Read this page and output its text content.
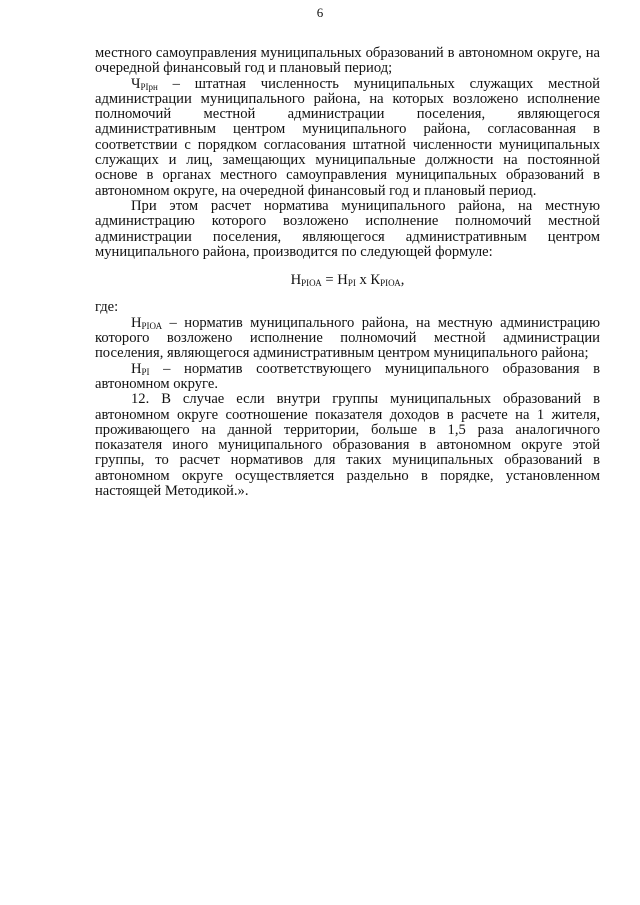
6

местного самоуправления муниципальных образований в автономном округе, на очередной финансовый год и плановый период;

$Ч_{PIрн}$ – штатная численность муниципальных служащих местной администрации муниципального района, на которых возложено исполнение полномочий местной администрации поселения, являющегося административным центром муниципального района, согласованная в соответствии с порядком согласования штатной численности муниципальных служащих и лиц, замещающих муниципальные должности на постоянной основе в органах местного самоуправления муниципальных образований в автономном округе, на очередной финансовый год и плановый период.

При этом расчет норматива муниципального района, на местную администрацию которого возложено исполнение полномочий местной администрации поселения, являющегося административным центром муниципального района, производится по следующей формуле:

$Н_{PIОА} = Н_{PI}$ х $К_{PIОА}$,

где:

$Н_{PIОА}$ – норматив муниципального района, на местную администрацию которого возложено исполнение полномочий местной администрации поселения, являющегося административным центром муниципального района;

$Н_{PI}$ – норматив соответствующего муниципального образования в автономном округе.

12. В случае если внутри группы муниципальных образований в автономном округе соотношение показателя доходов в расчете на 1 жителя, проживающего на данной территории, больше в 1,5 раза аналогичного показателя иного муниципального образования в автономном округе этой группы, то расчет нормативов для таких муниципальных образований в автономном округе осуществляется раздельно в порядке, установленном настоящей Методикой.».
